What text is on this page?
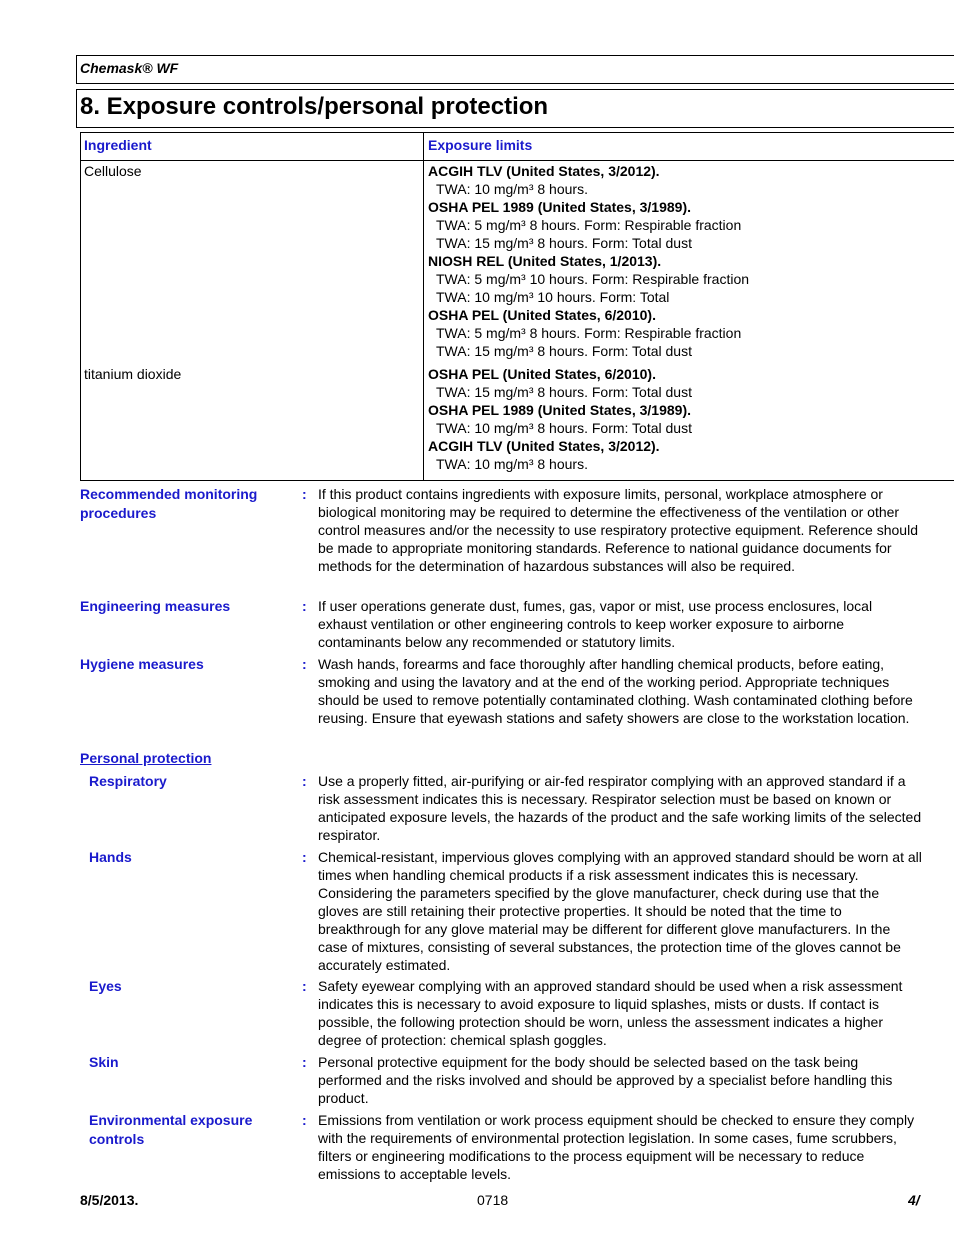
Chemask® WF
8. Exposure controls/personal protection
Ingredient	Exposure limits
Cellulose	ACGIH TLV (United States, 3/2012).
TWA: 10 mg/m³ 8 hours.
OSHA PEL 1989 (United States, 3/1989).
TWA: 5 mg/m³ 8 hours. Form: Respirable fraction
TWA: 15 mg/m³ 8 hours. Form: Total dust
NIOSH REL (United States, 1/2013).
TWA: 5 mg/m³ 10 hours. Form: Respirable fraction
TWA: 10 mg/m³ 10 hours. Form: Total
OSHA PEL (United States, 6/2010).
TWA: 5 mg/m³ 8 hours. Form: Respirable fraction
TWA: 15 mg/m³ 8 hours. Form: Total dust
titanium dioxide	OSHA PEL (United States, 6/2010).
TWA: 15 mg/m³ 8 hours. Form: Total dust
OSHA PEL 1989 (United States, 3/1989).
TWA: 10 mg/m³ 8 hours. Form: Total dust
ACGIH TLV (United States, 3/2012).
TWA: 10 mg/m³ 8 hours.
Recommended monitoring
procedures
: If this product contains ingredients with exposure limits, personal, workplace atmosphere or biological monitoring may be required to determine the effectiveness of the ventilation or other control measures and/or the necessity to use respiratory protective equipment. Reference should be made to appropriate monitoring standards. Reference to national guidance documents for methods for the determination of hazardous substances will also be required.
Engineering measures	: If user operations generate dust, fumes, gas, vapor or mist, use process enclosures, local exhaust ventilation or other engineering controls to keep worker exposure to airborne contaminants below any recommended or statutory limits.
Hygiene measures	: Wash hands, forearms and face thoroughly after handling chemical products, before eating, smoking and using the lavatory and at the end of the working period. Appropriate techniques should be used to remove potentially contaminated clothing. Wash contaminated clothing before reusing. Ensure that eyewash stations and safety showers are close to the workstation location.
Personal protection
Respiratory	: Use a properly fitted, air-purifying or air-fed respirator complying with an approved standard if a risk assessment indicates this is necessary. Respirator selection must be based on known or anticipated exposure levels, the hazards of the product and the safe working limits of the selected respirator.
Hands	: Chemical-resistant, impervious gloves complying with an approved standard should be worn at all times when handling chemical products if a risk assessment indicates this is necessary. Considering the parameters specified by the glove manufacturer, check during use that the gloves are still retaining their protective properties. It should be noted that the time to breakthrough for any glove material may be different for different glove manufacturers. In the case of mixtures, consisting of several substances, the protection time of the gloves cannot be accurately estimated.
Eyes	: Safety eyewear complying with an approved standard should be used when a risk assessment indicates this is necessary to avoid exposure to liquid splashes, mists or dusts. If contact is possible, the following protection should be worn, unless the assessment indicates a higher degree of protection: chemical splash goggles.
Skin	: Personal protective equipment for the body should be selected based on the task being performed and the risks involved and should be approved by a specialist before handling this product.
Environmental exposure
controls
: Emissions from ventilation or work process equipment should be checked to ensure they comply with the requirements of environmental protection legislation. In some cases, fume scrubbers, filters or engineering modifications to the process equipment will be necessary to reduce emissions to acceptable levels.
8/5/2013.	0718	4/
